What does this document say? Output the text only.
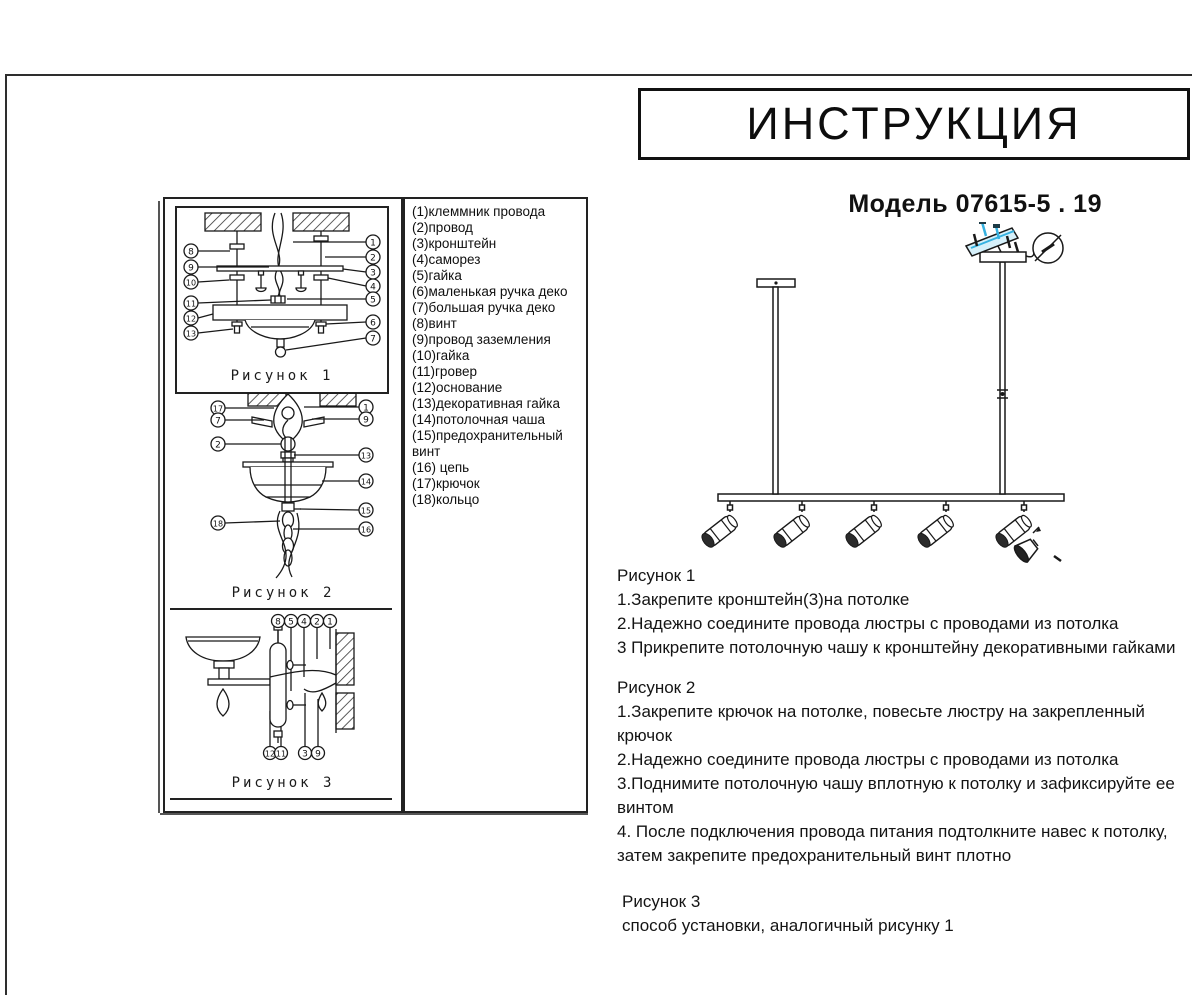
ИНСТРУКЦИЯ
Модель 07615-5 . 19
8
9
10
11
12
13
1
2
3
4
5
6
7
Рисунок 1
17
7
2
18
1
9
13
14
15
16
Рисунок 2
8 5 4 2 1
12 11 3 9
Рисунок 3
(1)клеммник провода
(2)провод
(3)кронштейн
(4)саморез
(5)гайка
(6)маленькая ручка деко
(7)большая ручка деко
(8)винт
(9)провод заземления
(10)гайка
(11)гровер
(12)основание
(13)декоративная гайка
(14)потолочная чаша
(15)предохранительный винт
(16) цепь
(17)крючок
(18)кольцо
Рисунок 1
1.Закрепите кронштейн(3)на потолке
2.Надежно соедините провода люстры с проводами из потолка
3 Прикрепите потолочную чашу к кронштейну декоративными гайками
Рисунок 2
1.Закрепите крючок на потолке, повесьте люстру на закрепленный крючок
2.Надежно соедините провода люстры с проводами из потолка
3.Поднимите потолочную чашу вплотную к потолку и зафиксируйте ее винтом
4. После подключения провода питания подтолкните навес к потолку, затем закрепите предохранительный винт плотно
Рисунок 3
способ установки, аналогичный рисунку 1
